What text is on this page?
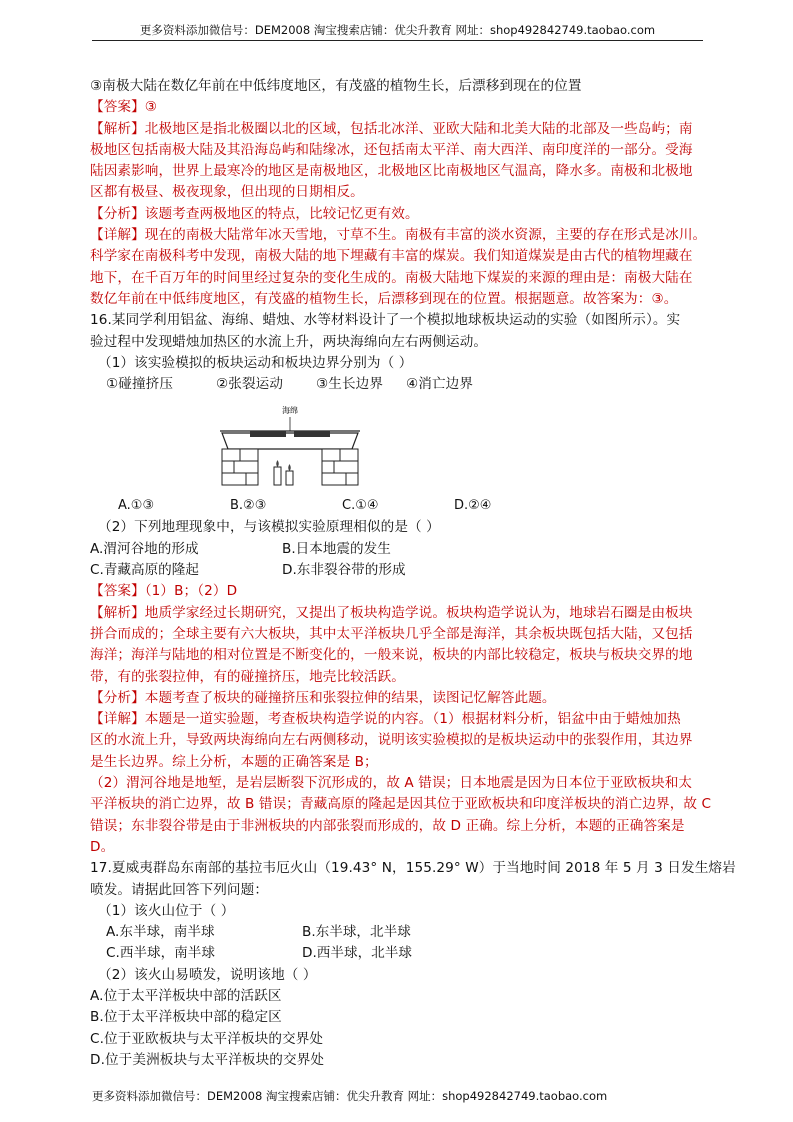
更多资料添加微信号：DEM2008 淘宝搜索店铺：优尖升教育 网址：shop492842749.taobao.com
③南极大陆在数亿年前在中低纬度地区，有茂盛的植物生长，后漂移到现在的位置
【答案】③
【解析】北极地区是指北极圈以北的区域，包括北冰洋、亚欧大陆和北美大陆的北部及一些岛屿；南
极地区包括南极大陆及其沿海岛屿和陆缘冰，还包括南太平洋、南大西洋、南印度洋的一部分。受海
陆因素影响，世界上最寒冷的地区是南极地区，北极地区比南极地区气温高，降水多。南极和北极地
区都有极昼、极夜现象，但出现的日期相反。
【分析】该题考查两极地区的特点，比较记忆更有效。
【详解】现在的南极大陆常年冰天雪地，寸草不生。南极有丰富的淡水资源，主要的存在形式是冰川。
科学家在南极科考中发现，南极大陆的地下埋藏有丰富的煤炭。我们知道煤炭是由古代的植物埋藏在
地下，在千百万年的时间里经过复杂的变化生成的。南极大陆地下煤炭的来源的理由是：南极大陆在
数亿年前在中低纬度地区，有茂盛的植物生长，后漂移到现在的位置。根据题意。故答案为：③。
16.某同学利用铝盆、海绵、蜡烛、水等材料设计了一个模拟地球板块运动的实验（如图所示）。实
验过程中发现蜡烛加热区的水流上升，两块海绵向左右两侧运动。
（1）该实验模拟的板块运动和板块边界分别为（ ）
①碰撞挤压	②张裂运动 ③生长边界 ④消亡边界
海绵
A.①③	B.②③	C.①④	D.②④
（2）下列地理现象中，与该模拟实验原理相似的是（ ）
A.渭河谷地的形成	B.日本地震的发生
C.青藏高原的隆起	D.东非裂谷带的形成
【答案】（1）B；（2）D
【解析】地质学家经过长期研究，又提出了板块构造学说。板块构造学说认为，地球岩石圈是由板块
拼合而成的；全球主要有六大板块，其中太平洋板块几乎全部是海洋，其余板块既包括大陆，又包括
海洋；海洋与陆地的相对位置是不断变化的，一般来说，板块的内部比较稳定，板块与板块交界的地
带，有的张裂拉伸，有的碰撞挤压，地壳比较活跃。
【分析】本题考查了板块的碰撞挤压和张裂拉伸的结果，读图记忆解答此题。
【详解】本题是一道实验题，考查板块构造学说的内容。（1）根据材料分析，铝盆中由于蜡烛加热
区的水流上升，导致两块海绵向左右两侧移动，说明该实验模拟的是板块运动中的张裂作用，其边界
是生长边界。综上分析，本题的正确答案是 B；
（2）渭河谷地是地堑，是岩层断裂下沉形成的，故 A 错误；日本地震是因为日本位于亚欧板块和太
平洋板块的消亡边界，故 B 错误；青藏高原的隆起是因其位于亚欧板块和印度洋板块的消亡边界，故 C
错误；东非裂谷带是由于非洲板块的内部张裂而形成的，故 D 正确。综上分析，本题的正确答案是
D。
17.夏威夷群岛东南部的基拉韦厄火山（19.43° N，155.29° W）于当地时间 2018 年 5 月 3 日发生熔岩
喷发。请据此回答下列问题：
（1）该火山位于（ ）
A.东半球，南半球	B.东半球，北半球
C.西半球，南半球	D.西半球，北半球
（2）该火山易喷发，说明该地（ ）
A.位于太平洋板块中部的活跃区
B.位于太平洋板块中部的稳定区
C.位于亚欧板块与太平洋板块的交界处
D.位于美洲板块与太平洋板块的交界处
更多资料添加微信号：DEM2008 淘宝搜索店铺：优尖升教育 网址：shop492842749.taobao.com
